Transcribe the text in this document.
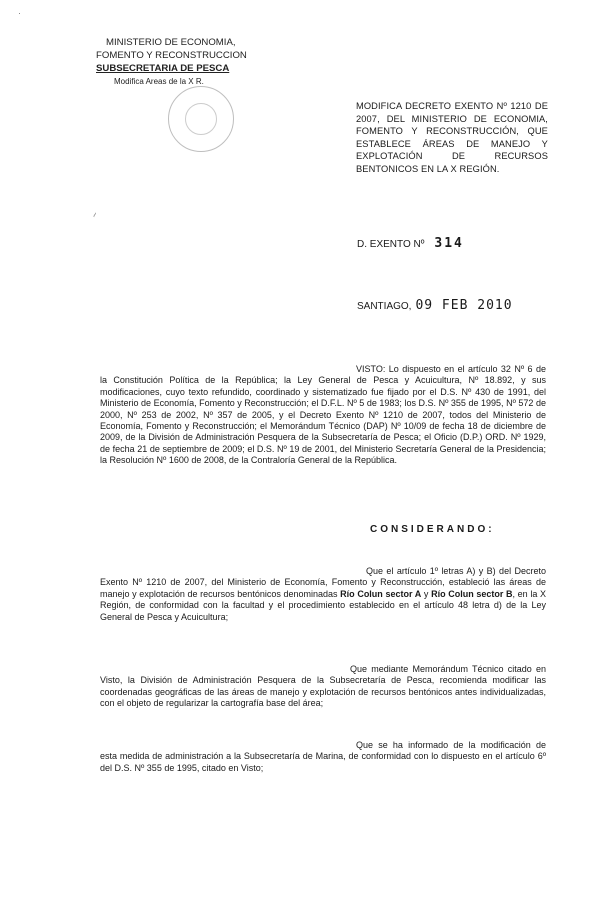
MINISTERIO DE ECONOMIA,
FOMENTO Y RECONSTRUCCION
SUBSECRETARIA DE PESCA
Modifica Areas de la X R.
·
~
MODIFICA DECRETO EXENTO Nº 1210 DE 2007, DEL MINISTERIO DE ECONOMIA, FOMENTO Y RECONSTRUCCIÓN, QUE ESTABLECE ÁREAS DE MANEJO Y EXPLOTACIÓN DE RECURSOS BENTONICOS EN LA X REGIÓN.
D. EXENTO Nº 314
SANTIAGO, 09 FEB 2010
VISTO: Lo dispuesto en el artículo 32 Nº 6 de la Constitución Política de la República; la Ley General de Pesca y Acuicultura, Nº 18.892, y sus modificaciones, cuyo texto refundido, coordinado y sistematizado fue fijado por el D.S. Nº 430 de 1991, del Ministerio de Economía, Fomento y Reconstrucción; el D.F.L. Nº 5 de 1983; los D.S. Nº 355 de 1995, Nº 572 de 2000, Nº 253 de 2002, Nº 357 de 2005, y el Decreto Exento Nº 1210 de 2007, todos del Ministerio de Economía, Fomento y Reconstrucción; el Memorándum Técnico (DAP) Nº 10/09 de fecha 18 de diciembre de 2009, de la División de Administración Pesquera de la Subsecretaría de Pesca; el Oficio (D.P.) ORD. Nº 1929, de fecha 21 de septiembre de 2009; el D.S. Nº 19 de 2001, del Ministerio Secretaría General de la Presidencia; la Resolución Nº 1600 de 2008, de la Contraloría General de la República.
CONSIDERANDO:
Que el artículo 1º letras A) y B) del Decreto Exento Nº 1210 de 2007, del Ministerio de Economía, Fomento y Reconstrucción, estableció las áreas de manejo y explotación de recursos bentónicos denominadas Río Colun sector A y Río Colun sector B, en la X Región, de conformidad con la facultad y el procedimiento establecido en el artículo 48 letra d) de la Ley General de Pesca y Acuicultura;
Que mediante Memorándum Técnico citado en Visto, la División de Administración Pesquera de la Subsecretaría de Pesca, recomienda modificar las coordenadas geográficas de las áreas de manejo y explotación de recursos bentónicos antes individualizadas, con el objeto de regularizar la cartografía base del área;
Que se ha informado de la modificación de esta medida de administración a la Subsecretaría de Marina, de conformidad con lo dispuesto en el artículo 6º del D.S. Nº 355 de 1995, citado en Visto;
